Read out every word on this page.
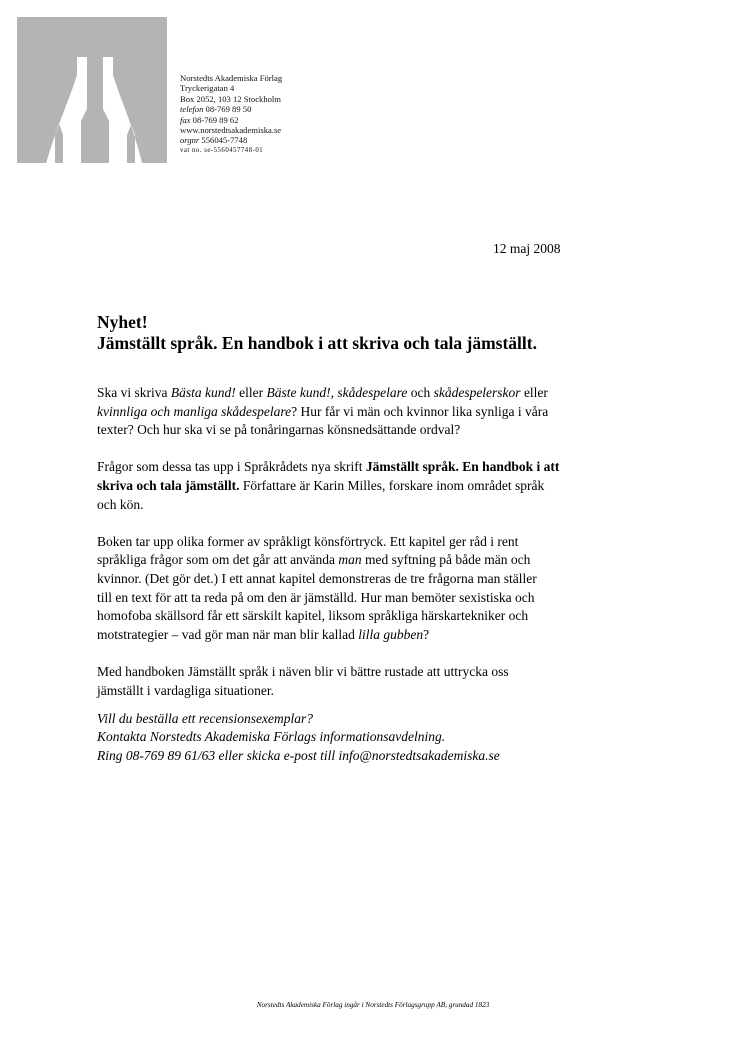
Norstedts Akademiska Förlag
Tryckerigatan 4
Box 2052, 103 12 Stockholm
telefon 08-769 89 50
fax 08-769 89 62
www.norstedtsakademiska.se
orgnr 556045-7748
vat no. se-5560457748-01
12 maj 2008
Nyhet!
Jämställt språk. En handbok i att skriva och tala jämställt.

Ska vi skriva Bästa kund! eller Bäste kund!, skådespelare och skådespelerskor eller
kvinnliga och manliga skådespelare? Hur får vi män och kvinnor lika synliga i våra
texter? Och hur ska vi se på tonåringarnas könsnedsättande ordval?

Frågor som dessa tas upp i Språkrådets nya skrift Jämställt språk. En handbok i att
skriva och tala jämställt. Författare är Karin Milles, forskare inom området språk
och kön.

Boken tar upp olika former av språkligt könsförtryck. Ett kapitel ger råd i rent
språkliga frågor som om det går att använda man med syftning på både män och
kvinnor. (Det gör det.) I ett annat kapitel demonstreras de tre frågorna man ställer
till en text för att ta reda på om den är jämställd. Hur man bemöter sexistiska och
homofoba skällsord får ett särskilt kapitel, liksom språkliga härskartekniker och
motstrategier – vad gör man när man blir kallad lilla gubben?

Med handboken Jämställt språk i näven blir vi bättre rustade att uttrycka oss
jämställt i vardagliga situationer.

Vill du beställa ett recensionsexemplar?
Kontakta Norstedts Akademiska Förlags informationsavdelning.
Ring 08-769 89 61/63 eller skicka e-post till info@norstedtsakademiska.se
Norstedts Akademiska Förlag ingår i Norstedts Förlagsgrupp AB, grundad 1823
